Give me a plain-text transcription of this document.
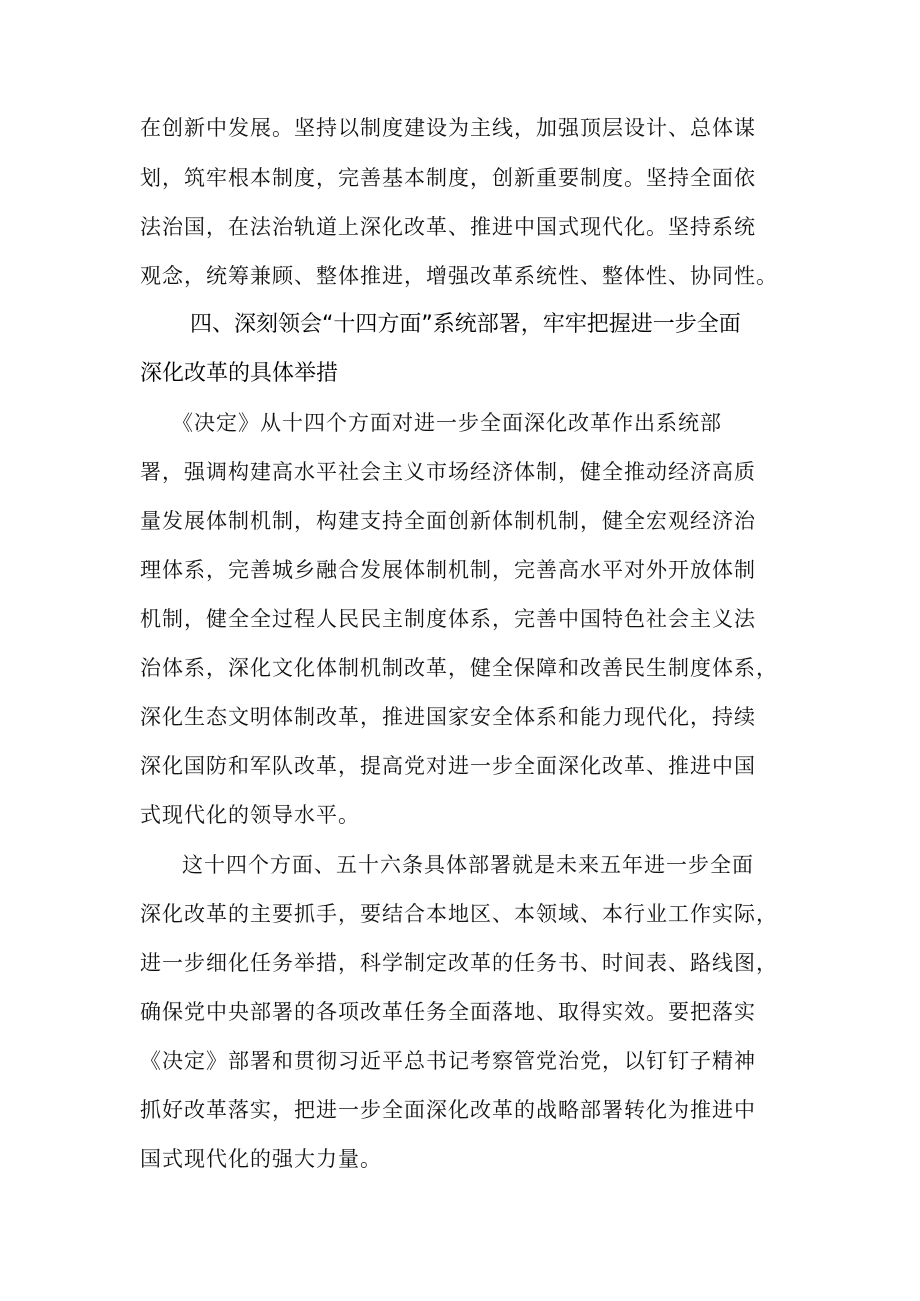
在创新中发展。坚持以制度建设为主线，加强顶层设计、总体谋
划，筑牢根本制度，完善基本制度，创新重要制度。坚持全面依
法治国，在法治轨道上深化改革、推进中国式现代化。坚持系统
观念，统筹兼顾、整体推进，增强改革系统性、整体性、协同性。
四、深刻领会“十四方面”系统部署，牢牢把握进一步全面
深化改革的具体举措
《决定》从十四个方面对进一步全面深化改革作出系统部
署，强调构建高水平社会主义市场经济体制，健全推动经济高质
量发展体制机制，构建支持全面创新体制机制，健全宏观经济治
理体系，完善城乡融合发展体制机制，完善高水平对外开放体制
机制，健全全过程人民民主制度体系，完善中国特色社会主义法
治体系，深化文化体制机制改革，健全保障和改善民生制度体系，
深化生态文明体制改革，推进国家安全体系和能力现代化，持续
深化国防和军队改革，提高党对进一步全面深化改革、推进中国
式现代化的领导水平。
这十四个方面、五十六条具体部署就是未来五年进一步全面
深化改革的主要抓手，要结合本地区、本领域、本行业工作实际，
进一步细化任务举措，科学制定改革的任务书、时间表、路线图，
确保党中央部署的各项改革任务全面落地、取得实效。要把落实
《决定》部署和贯彻习近平总书记考察管党治党，以钉钉子精神
抓好改革落实，把进一步全面深化改革的战略部署转化为推进中
国式现代化的强大力量。
